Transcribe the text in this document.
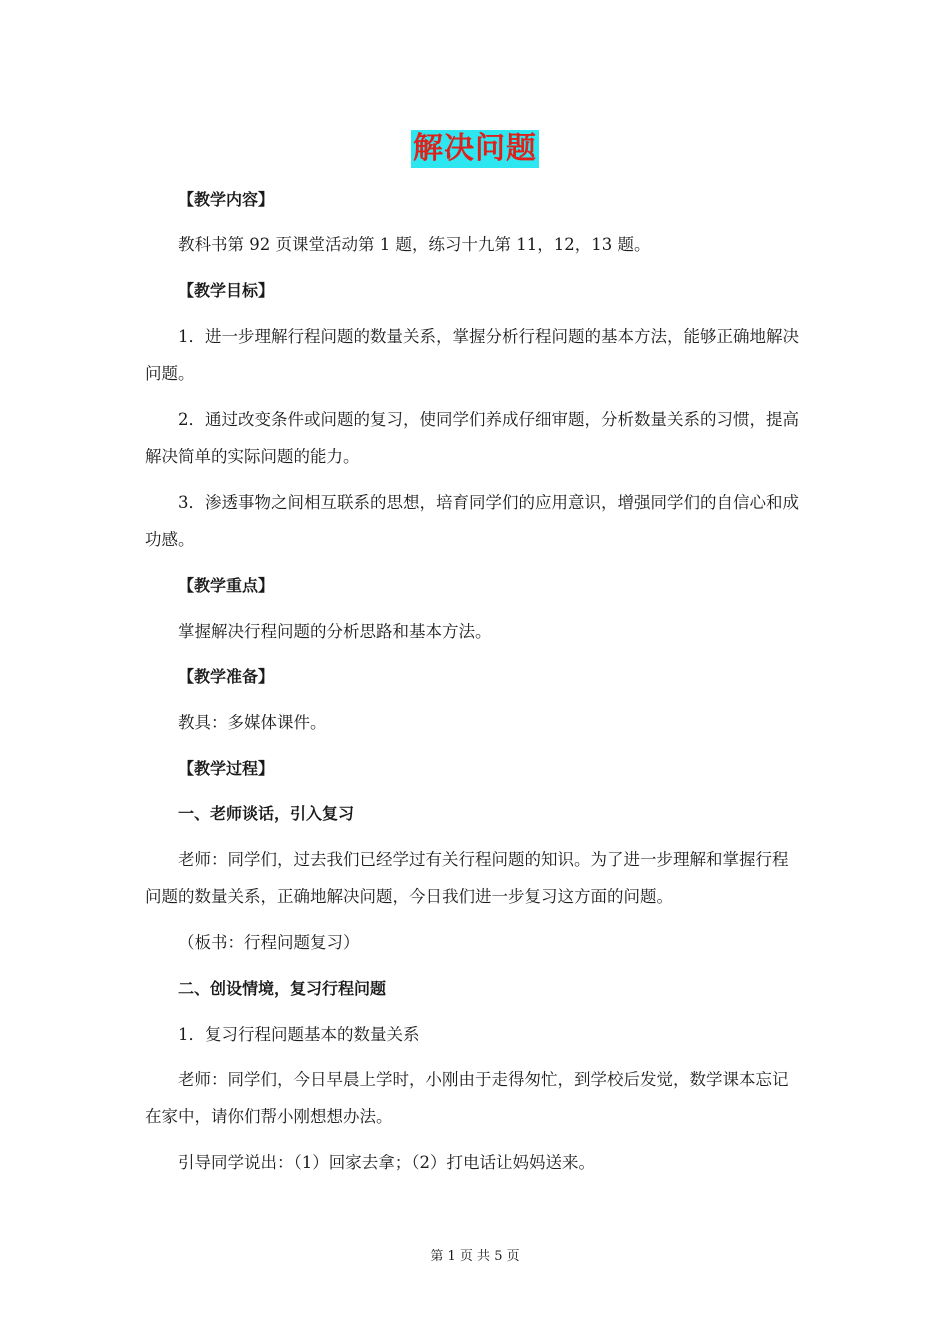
解决问题
【教学内容】
教科书第 92 页课堂活动第 1 题，练习十九第 11，12，13 题。
【教学目标】
1．进一步理解行程问题的数量关系，掌握分析行程问题的基本方法，能够正确地解决
问题。
2．通过改变条件或问题的复习，使同学们养成仔细审题，分析数量关系的习惯，提高
解决简单的实际问题的能力。
3．渗透事物之间相互联系的思想，培育同学们的应用意识，增强同学们的自信心和成
功感。
【教学重点】
掌握解决行程问题的分析思路和基本方法。
【教学准备】
教具：多媒体课件。
【教学过程】
一、老师谈话，引入复习
老师：同学们，过去我们已经学过有关行程问题的知识。为了进一步理解和掌握行程
问题的数量关系，正确地解决问题，今日我们进一步复习这方面的问题。
（板书：行程问题复习）
二、创设情境，复习行程问题
1．复习行程问题基本的数量关系
老师：同学们，今日早晨上学时，小刚由于走得匆忙，到学校后发觉，数学课本忘记
在家中，请你们帮小刚想想办法。
引导同学说出：（1）回家去拿；（2）打电话让妈妈送来。
第 1 页 共 5 页
